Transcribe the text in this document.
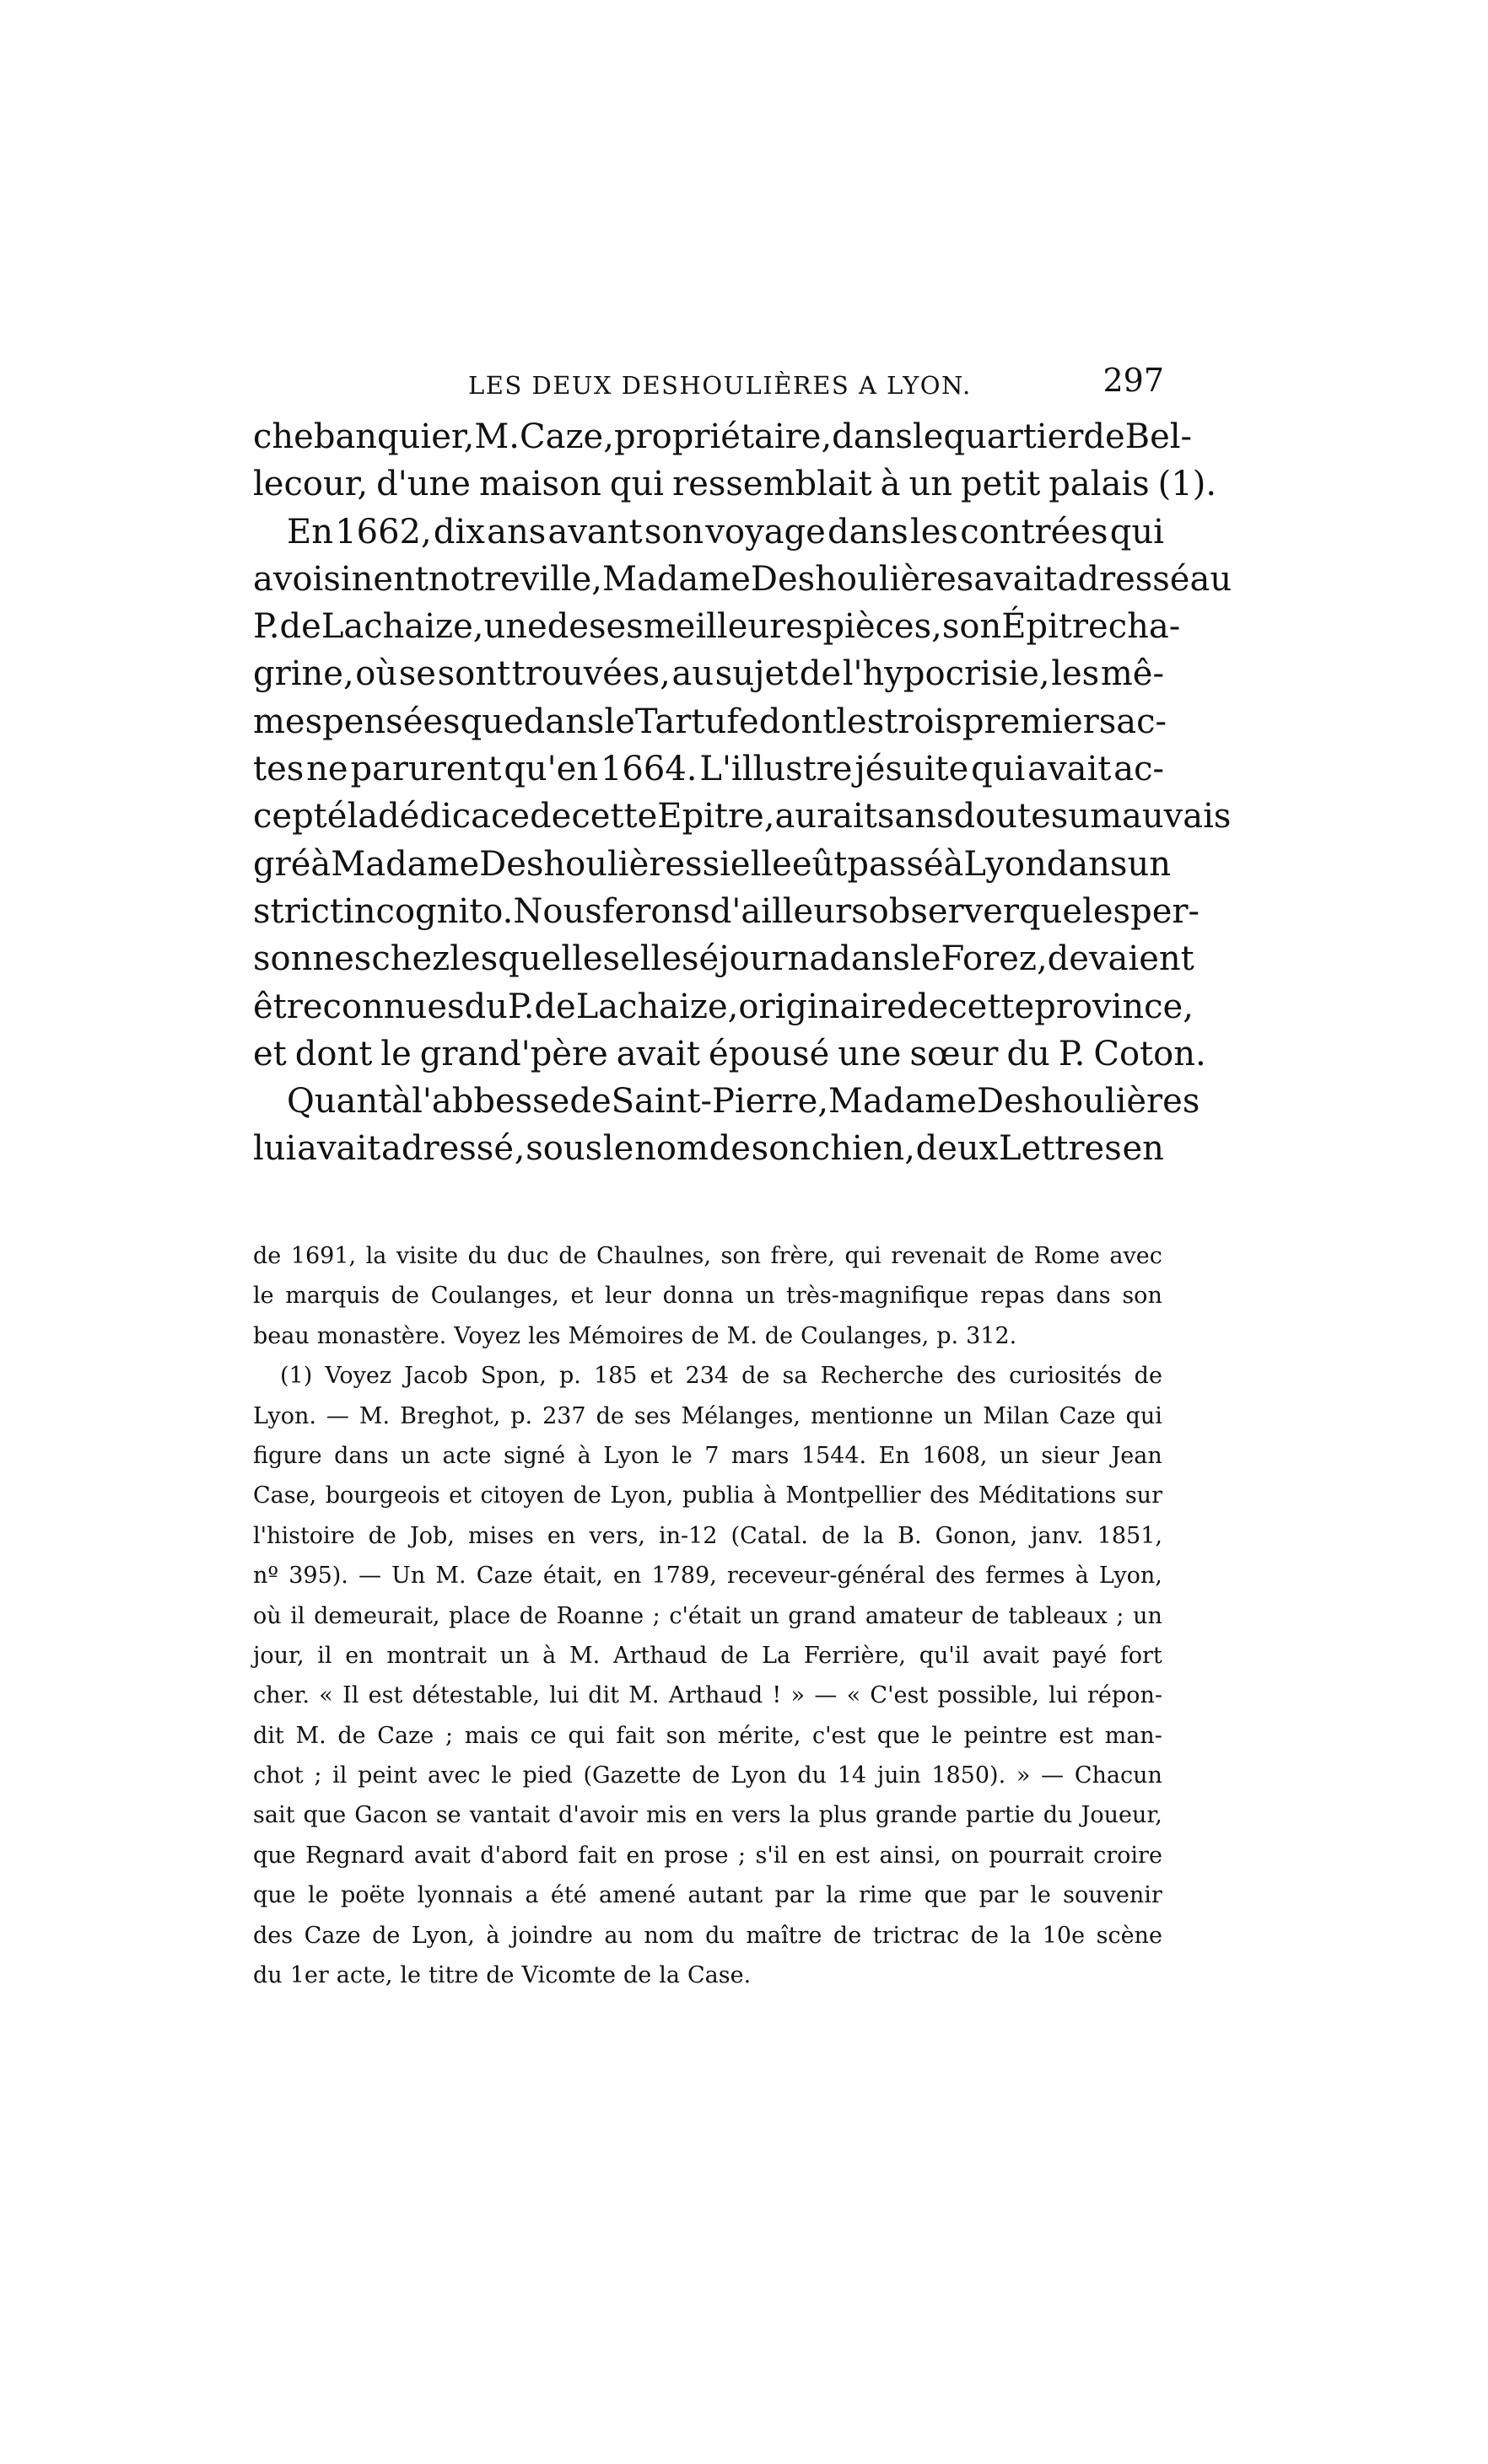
LES DEUX DESHOULIÈRES A LYON.	297
che banquier, M. Caze, propriétaire, dans le quartier de Bel-
lecour, d'une maison qui ressemblait à un petit palais (1).
En 1662, dix ans avant son voyage dans les contrées qui
avoisinent notre ville, Madame Deshoulières avait adressé au
P. de Lachaize, une de ses meilleures pièces, son Épitre cha-
grine, où se sont trouvées, au sujet de l'hypocrisie, les mê-
mes pensées que dans le Tartufe dont les trois premiers ac-
tes ne parurent qu'en 1664. L'illustre jésuite qui avait ac-
cepté la dédicace de cette Epitre, aurait sans doute su mauvais
gré à Madame Deshoulières si elle eût passé à Lyon dans un
strict incognito. Nous ferons d'ailleurs observer que les per-
sonnes chez lesquelles elle séjourna dans le Forez , devaient
être connues du P. de Lachaize, originaire de cette province,
et dont le grand'père avait épousé une sœur du P. Coton.
Quant à l'abbesse de Saint-Pierre , Madame Deshoulières
lui avait adressé , sous le nom de son chien, deux Lettres en
de 1691, la visite du duc de Chaulnes, son frère, qui revenait de Rome avec
le marquis de Coulanges, et leur donna un très-magnifique repas dans son
beau monastère. Voyez les Mémoires de M. de Coulanges, p. 312.
(1) Voyez Jacob Spon, p. 185 et 234 de sa Recherche des curiosités de
Lyon. — M. Breghot, p. 237 de ses Mélanges, mentionne un Milan Caze qui
figure dans un acte signé à Lyon le 7 mars 1544. En 1608, un sieur Jean
Case, bourgeois et citoyen de Lyon, publia à Montpellier des Méditations sur
l'histoire de Job, mises en vers, in-12 (Catal. de la B. Gonon, janv. 1851,
nº 395). — Un M. Caze était, en 1789, receveur-général des fermes à Lyon,
où il demeurait, place de Roanne ; c'était un grand amateur de tableaux ; un
jour, il en montrait un à M. Arthaud de La Ferrière, qu'il avait payé fort
cher. « Il est détestable, lui dit M. Arthaud ! » — « C'est possible, lui répon-
dit M. de Caze ; mais ce qui fait son mérite, c'est que le peintre est man-
chot ; il peint avec le pied (Gazette de Lyon du 14 juin 1850). » — Chacun
sait que Gacon se vantait d'avoir mis en vers la plus grande partie du Joueur,
que Regnard avait d'abord fait en prose ; s'il en est ainsi, on pourrait croire
que le poëte lyonnais a été amené autant par la rime que par le souvenir
des Caze de Lyon, à joindre au nom du maître de trictrac de la 10e scène
du 1er acte, le titre de Vicomte de la Case.
